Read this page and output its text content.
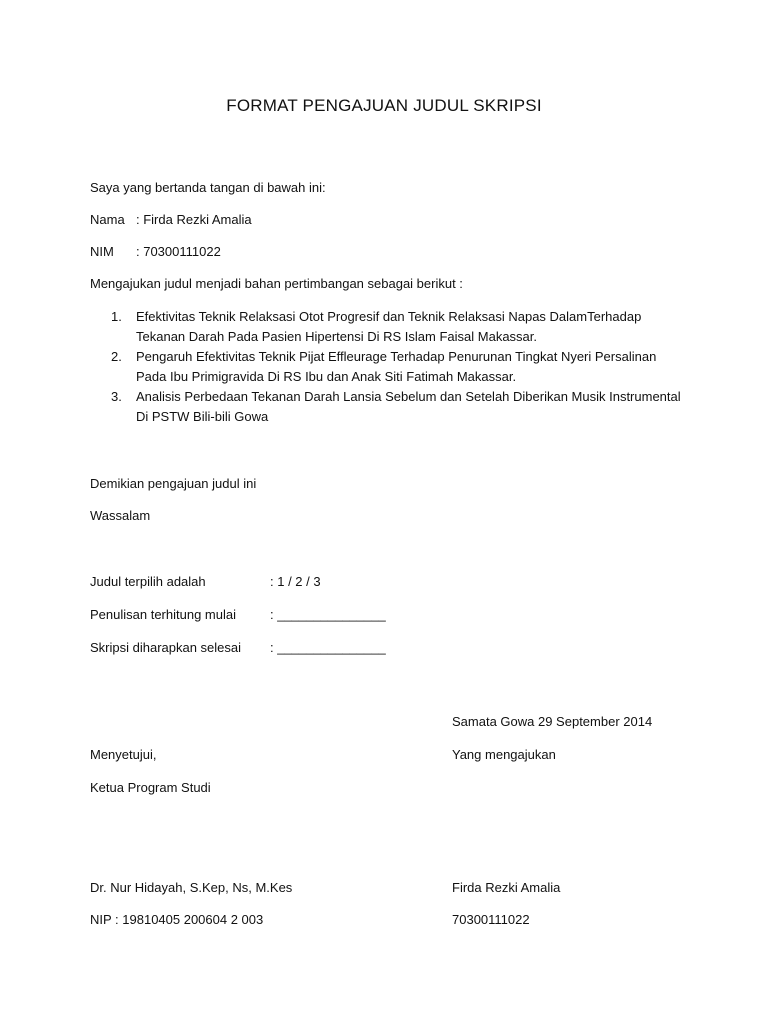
FORMAT PENGAJUAN JUDUL SKRIPSI
Saya yang bertanda tangan di bawah ini:
Nama : Firda Rezki Amalia
NIM : 70300111022
Mengajukan judul menjadi bahan pertimbangan sebagai berikut :
1. Efektivitas Teknik Relaksasi Otot Progresif dan Teknik Relaksasi Napas DalamTerhadap Tekanan Darah Pada Pasien Hipertensi Di RS Islam Faisal Makassar.
2. Pengaruh Efektivitas Teknik Pijat Effleurage Terhadap Penurunan Tingkat Nyeri Persalinan Pada Ibu Primigravida Di RS Ibu dan Anak Siti Fatimah Makassar.
3. Analisis Perbedaan Tekanan Darah Lansia Sebelum dan Setelah Diberikan Musik Instrumental Di PSTW Bili-bili Gowa
Demikian pengajuan judul ini
Wassalam
Judul terpilih adalah	: 1 / 2 / 3
Penulisan terhitung mulai	: _______________
Skripsi diharapkan selesai : _______________
Samata Gowa 29 September 2014
Menyetujui,	Yang mengajukan
Ketua Program Studi
Dr. Nur Hidayah, S.Kep, Ns, M.Kes	Firda Rezki Amalia
NIP : 19810405 200604 2 003	70300111022
